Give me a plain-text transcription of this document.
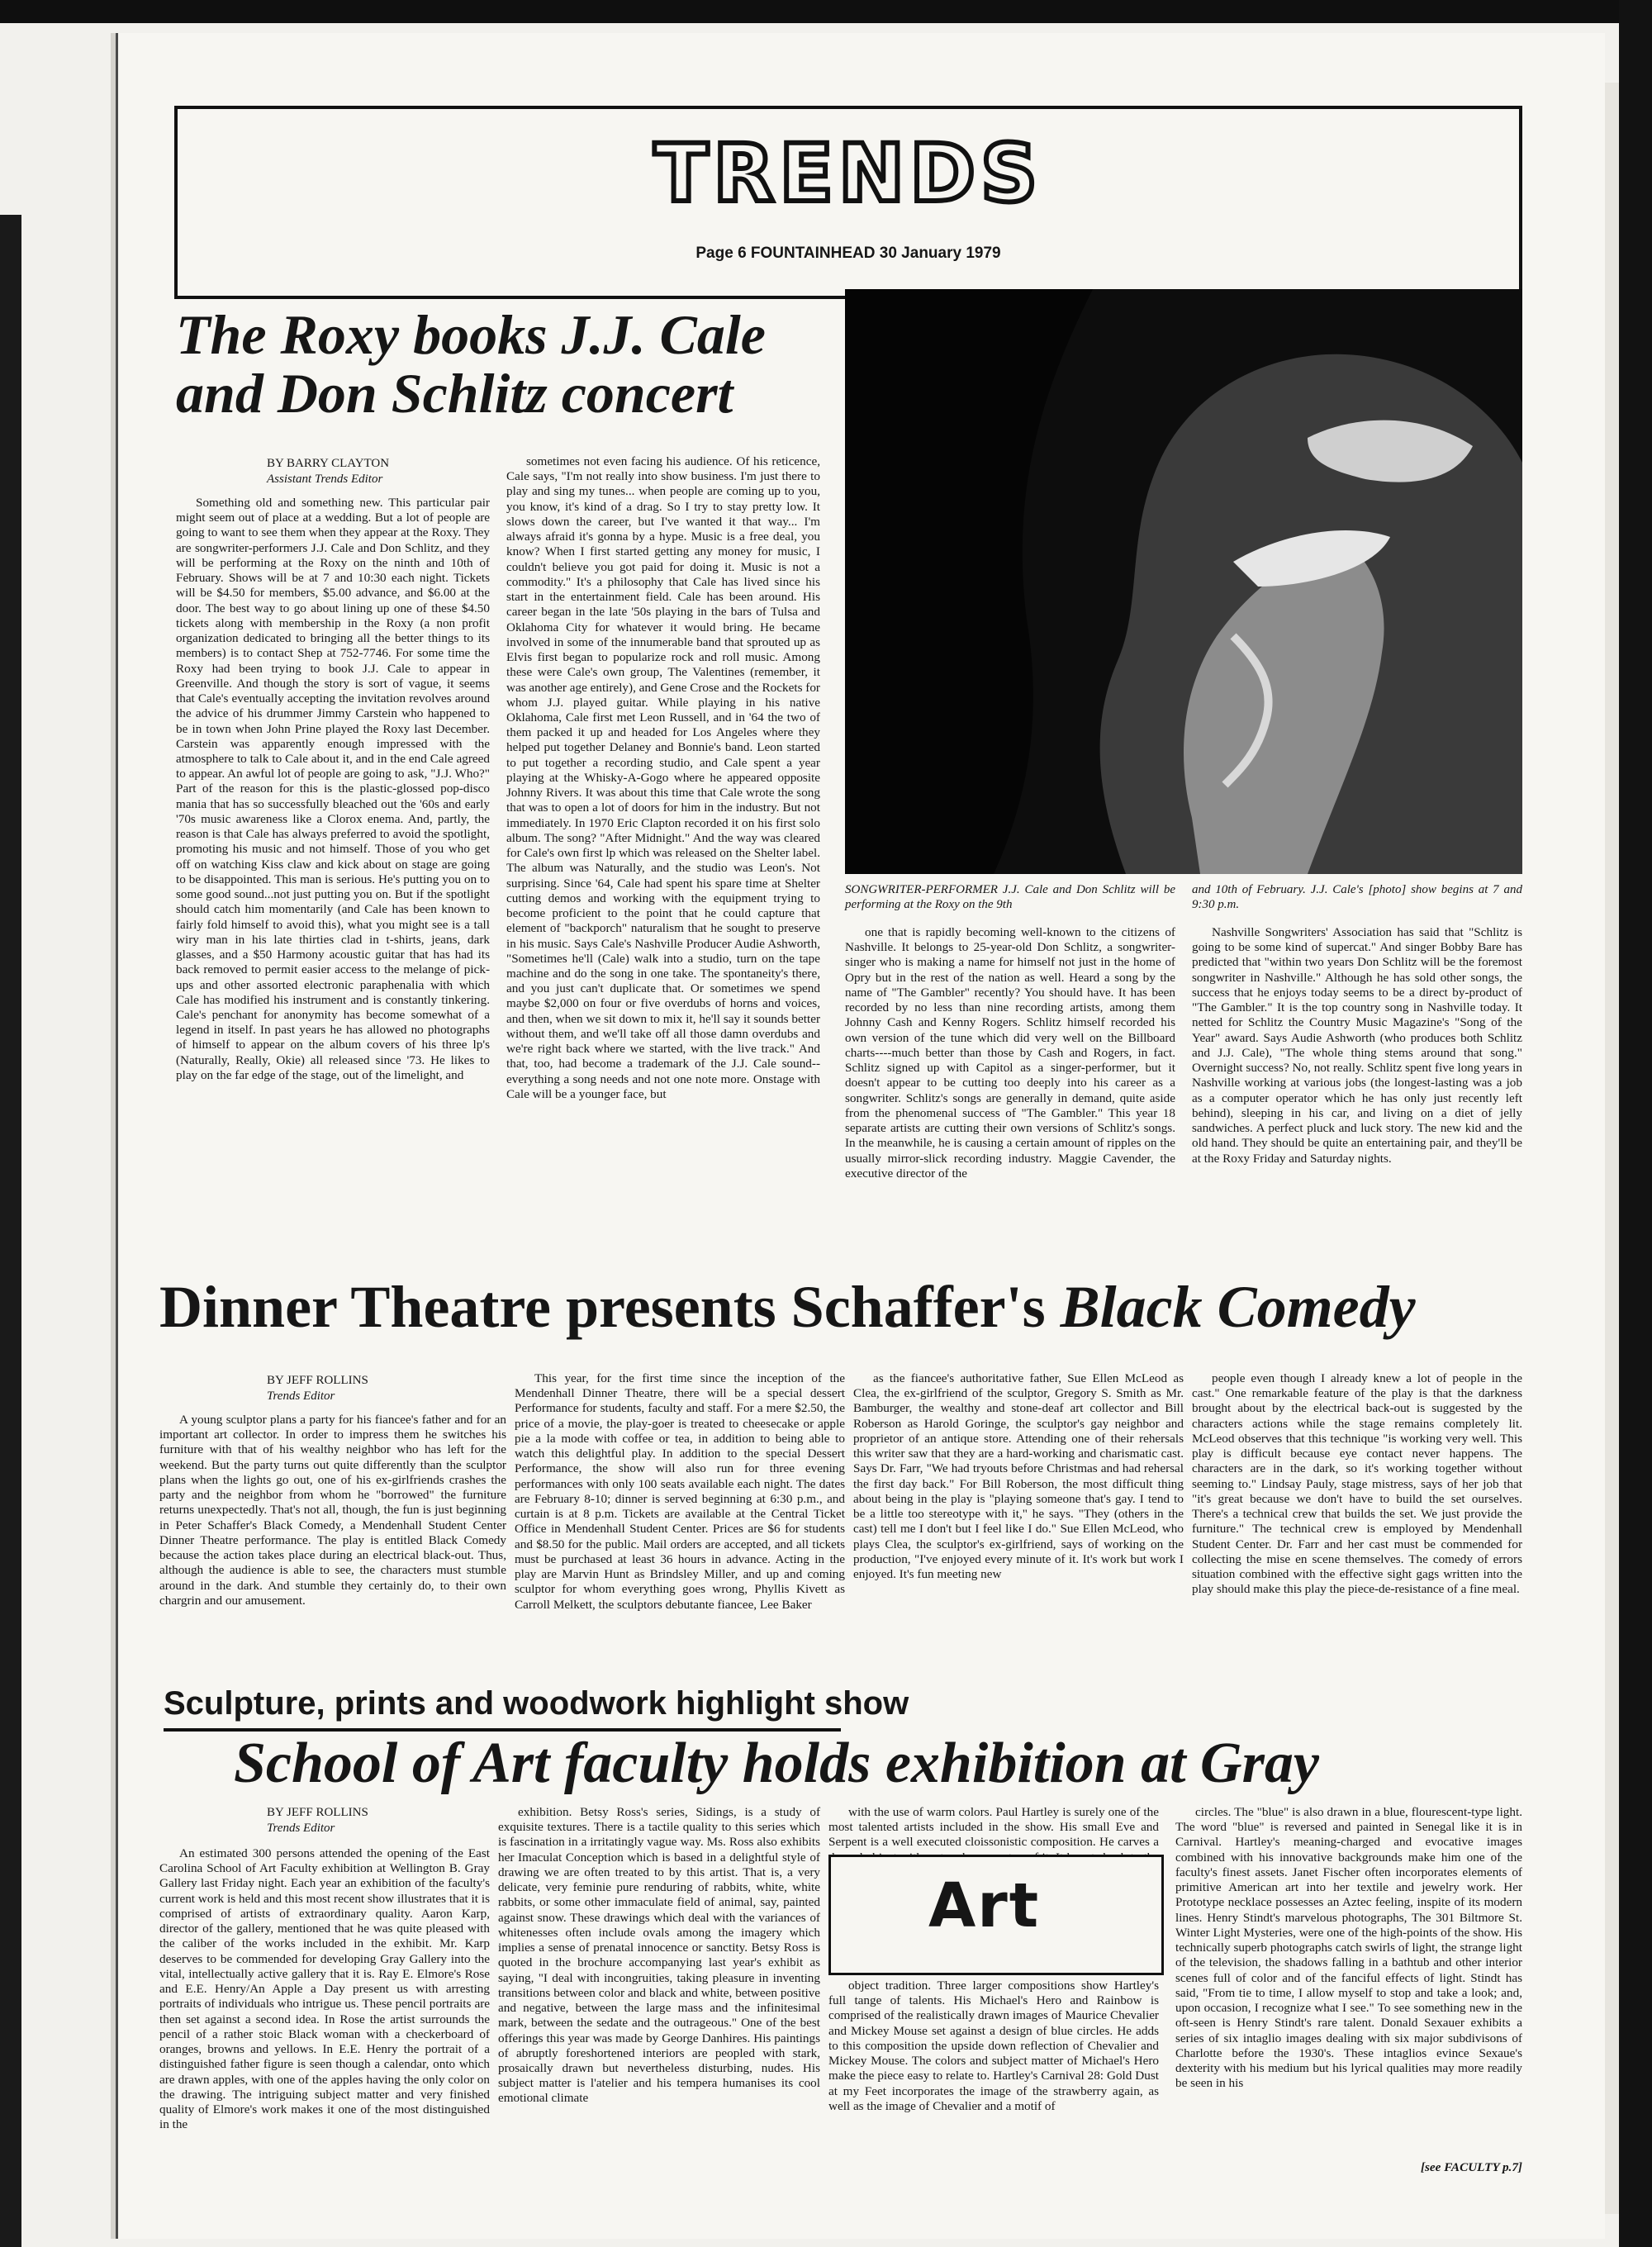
TRENDS
Page 6 FOUNTAINHEAD 30 January 1979
The Roxy books J.J. Cale
and Don Schlitz concert
BY BARRY CLAYTON
Assistant Trends Editor

Something old and something new. This particular pair might seem out of place at a wedding. But a lot of people are going to want to see them when they appear at the Roxy. They are songwriter-performers J.J. Cale and Don Schlitz, and they will be performing at the Roxy on the ninth and 10th of February. Shows will be at 7 and 10:30 each night. Tickets will be $4.50 for members, $5.00 advance, and $6.00 at the door. The best way to go about lining up one of these $4.50 tickets along with membership in the Roxy (a non profit organization dedicated to bringing all the better things to its members) is to contact Shep at 752-7746. For some time the Roxy had been trying to book J.J. Cale to appear in Greenville. And though the story is sort of vague, it seems that Cale's eventually accepting the invitation revolves around the advice of his drummer Jimmy Carstein who happened to be in town when John Prine played the Roxy last December. Carstein was apparently enough impressed with the atmosphere to talk to Cale about it, and in the end Cale agreed to appear. An awful lot of people are going to ask, "J.J. Who?" Part of the reason for this is the plastic-glossed pop-disco mania that has so successfully bleached out the '60s and early '70s music awareness like a Clorox enema. And, partly, the reason is that Cale has always preferred to avoid the spotlight, promoting his music and not himself. Those of you who get off on watching Kiss claw and kick about on stage are going to be disappointed. This man is serious. He's putting you on to some good sound...not just putting you on. But if the spotlight should catch him momentarily (and Cale has been known to fairly fold himself to avoid this), what you might see is a tall wiry man in his late thirties clad in t-shirts, jeans, dark glasses, and a $50 Harmony acoustic guitar that has had its back removed to permit easier access to the melange of pick-ups and other assorted electronic paraphenalia with which Cale has modified his instrument and is constantly tinkering. Cale's penchant for anonymity has become somewhat of a legend in itself. In past years he has allowed no photographs of himself to appear on the album covers of his three lp's (Naturally, Really, Okie) all released since '73. He likes to play on the far edge of the stage, out of the limelight, and

sometimes not even facing his audience. Of his reticence, Cale says, "I'm not really into show business. I'm just there to play and sing my tunes... when people are coming up to you, you know, it's kind of a drag. So I try to stay pretty low. It slows down the career, but I've wanted it that way... I'm always afraid it's gonna by a hype. Music is a free deal, you know? When I first started getting any money for music, I couldn't believe you got paid for doing it. Music is not a commodity." It's a philosophy that Cale has lived since his start in the entertainment field. Cale has been around. His career began in the late '50s playing in the bars of Tulsa and Oklahoma City for whatever it would bring. He became involved in some of the innumerable band that sprouted up as Elvis first began to popularize rock and roll music. Among these were Cale's own group, The Valentines (remember, it was another age entirely), and Gene Crose and the Rockets for whom J.J. played guitar. While playing in his native Oklahoma, Cale first met Leon Russell, and in '64 the two of them packed it up and headed for Los Angeles where they helped put together Delaney and Bonnie's band. Leon started to put together a recording studio, and Cale spent a year playing at the Whisky-A-Gogo where he appeared opposite Johnny Rivers. It was about this time that Cale wrote the song that was to open a lot of doors for him in the industry. But not immediately. In 1970 Eric Clapton recorded it on his first solo album. The song? "After Midnight." And the way was cleared for Cale's own first lp which was released on the Shelter label. The album was Naturally, and the studio was Leon's. Not surprising. Since '64, Cale had spent his spare time at Shelter cutting demos and working with the equipment trying to become proficient to the point that he could capture that element of "backporch" naturalism that he sought to preserve in his music. Says Cale's Nashville Producer Audie Ashworth, "Sometimes he'll (Cale) walk into a studio, turn on the tape machine and do the song in one take. The spontaneity's there, and you just can't duplicate that. Or sometimes we spend maybe $2,000 on four or five overdubs of horns and voices, and then, when we sit down to mix it, he'll say it sounds better without them, and we'll take off all those damn overdubs and we're right back where we started, with the live track." And that, too, had become a trademark of the J.J. Cale sound--everything a song needs and not one note more. Onstage with Cale will be a younger face, but

SONGWRITER-PERFORMER J.J. Cale and Don Schlitz will be performing at the Roxy on the 9th
and 10th of February. J.J. Cale's [photo] show begins at 7 and 9:30 p.m.

one that is rapidly becoming well-known to the citizens of Nashville. It belongs to 25-year-old Don Schlitz, a songwriter-singer who is making a name for himself not just in the home of Opry but in the rest of the nation as well. Heard a song by the name of "The Gambler" recently? You should have. It has been recorded by no less than nine recording artists, among them Johnny Cash and Kenny Rogers. Schlitz himself recorded his own version of the tune which did very well on the Billboard charts----much better than those by Cash and Rogers, in fact. Schlitz signed up with Capitol as a singer-performer, but it doesn't appear to be cutting too deeply into his career as a songwriter. Schlitz's songs are generally in demand, quite aside from the phenomenal success of "The Gambler." This year 18 separate artists are cutting their own versions of Schlitz's songs. In the meanwhile, he is causing a certain amount of ripples on the usually mirror-slick recording industry. Maggie Cavender, the executive director of the

Nashville Songwriters' Association has said that "Schlitz is going to be some kind of supercat." And singer Bobby Bare has predicted that "within two years Don Schlitz will be the foremost songwriter in Nashville." Although he has sold other songs, the success that he enjoys today seems to be a direct by-product of "The Gambler." It is the top country song in Nashville today. It netted for Schlitz the Country Music Magazine's "Song of the Year" award. Says Audie Ashworth (who produces both Schlitz and J.J. Cale), "The whole thing stems around that song." Overnight success? No, not really. Schlitz spent five long years in Nashville working at various jobs (the longest-lasting was a job as a computer operator which he has only just recently left behind), sleeping in his car, and living on a diet of jelly sandwiches. A perfect pluck and luck story. The new kid and the old hand. They should be quite an entertaining pair, and they'll be at the Roxy Friday and Saturday nights.

Dinner Theatre presents Schaffer's Black Comedy
BY JEFF ROLLINS
Trends Editor

A young sculptor plans a party for his fiancee's father and for an important art collector. In order to impress them he switches his furniture with that of his wealthy neighbor who has left for the weekend. But the party turns out quite differently than the sculptor plans when the lights go out, one of his ex-girlfriends crashes the party and the neighbor from whom he "borrowed" the furniture returns unexpectedly. That's not all, though, the fun is just beginning in Peter Schaffer's Black Comedy, a Mendenhall Student Center Dinner Theatre performance. The play is entitled Black Comedy because the action takes place during an electrical black-out. Thus, although the audience is able to see, the characters must stumble around in the dark. And stumble they certainly do, to their own chargrin and our amusement.

This year, for the first time since the inception of the Mendenhall Dinner Theatre, there will be a special dessert Performance for students, faculty and staff. For a mere $2.50, the price of a movie, the play-goer is treated to cheesecake or apple pie a la mode with coffee or tea, in addition to being able to watch this delightful play. In addition to the special Dessert Performance, the show will also run for three evening performances with only 100 seats available each night. The dates are February 8-10; dinner is served beginning at 6:30 p.m., and curtain is at 8 p.m. Tickets are available at the Central Ticket Office in Mendenhall Student Center. Prices are $6 for students and $8.50 for the public. Mail orders are accepted, and all tickets must be purchased at least 36 hours in advance. Acting in the play are Marvin Hunt as Brindsley Miller, and up and coming sculptor for whom everything goes wrong, Phyllis Kivett as Carroll Melkett, the sculptors debutante fiancee, Lee Baker

as the fiancee's authoritative father, Sue Ellen McLeod as Clea, the ex-girlfriend of the sculptor, Gregory S. Smith as Mr. Bamburger, the wealthy and stone-deaf art collector and Bill Roberson as Harold Goringe, the sculptor's gay neighbor and proprietor of an antique store. Attending one of their rehersals this writer saw that they are a hard-working and charismatic cast. Says Dr. Farr, "We had tryouts before Christmas and had rehersal the first day back." For Bill Roberson, the most difficult thing about being in the play is "playing someone that's gay. I tend to be a little too stereotype with it," he says. "They (others in the cast) tell me I don't but I feel like I do." Sue Ellen McLeod, who plays Clea, the sculptor's ex-girlfriend, says of working on the production, "I've enjoyed every minute of it. It's work but work I enjoyed. It's fun meeting new

people even though I already knew a lot of people in the cast." One remarkable feature of the play is that the darkness brought about by the electrical back-out is suggested by the characters actions while the stage remains completely lit. McLeod observes that this technique "is working very well. This play is difficult because eye contact never happens. The characters are in the dark, so it's working together without seeming to." Lindsay Pauly, stage mistress, says of her job that "it's great because we don't have to build the set ourselves. There's a technical crew that builds the set. We just provide the furniture." The technical crew is employed by Mendenhall Student Center. Dr. Farr and her cast must be commended for collecting the mise en scene themselves. The comedy of errors situation combined with the effective sight gags written into the play should make this play the piece-de-resistance of a fine meal.

Sculpture, prints and woodwork highlight show
School of Art faculty holds exhibition at Gray
BY JEFF ROLLINS
Trends Editor

An estimated 300 persons attended the opening of the East Carolina School of Art Faculty exhibition at Wellington B. Gray Gallery last Friday night. Each year an exhibition of the faculty's current work is held and this most recent show illustrates that it is comprised of artists of extraordinary quality. Aaron Karp, director of the gallery, mentioned that he was quite pleased with the caliber of the works included in the exhibit. Mr. Karp deserves to be commended for developing Gray Gallery into the vital, intellectually active gallery that it is. Ray E. Elmore's Rose and E.E. Henry/An Apple a Day present us with arresting portraits of individuals who intrigue us. These pencil portraits are then set against a second idea. In Rose the artist surrounds the pencil of a rather stoic Black woman with a checkerboard of oranges, browns and yellows. In E.E. Henry the portrait of a distinguished father figure is seen though a calendar, onto which are drawn apples, with one of the apples having the only color on the drawing. The intriguing subject matter and very finished quality of Elmore's work makes it one of the most distinguished in the

exhibition. Betsy Ross's series, Sidings, is a study of exquisite textures. There is a tactile quality to this series which is fascination in a irritatingly vague way. Ms. Ross also exhibits her Imaculat Conception which is based in a delightful style of drawing we are often treated to by this artist. That is, a very delicate, very feminie pure renduring of rabbits, white, white rabbits, or some other immaculate field of animal, say, painted against snow. These drawings which deal with the variances of whitenesses often include ovals among the imagery which implies a sense of prenatal innocence or sanctity. Betsy Ross is quoted in the brochure accompanying last year's exhibit as saying, "I deal with incongruities, taking pleasure in inventing transitions between color and black and white, between positive and negative, between the large mass and the infinitesimal mark, between the sedate and the outrageous." One of the best offerings this year was made by George Danhires. His paintings of abruptly foreshortened interiors are peopled with stark, prosaically drawn but nevertheless disturbing, nudes. His subject matter is l'atelier and his tempera humanises its cool emotional climate

with the use of warm colors. Paul Hartley is surely one of the most talented artists included in the show. His small Eve and Serpent is a well executed cloissonistic composition. He carves a

Art

object tradition. Three larger compositions show Hartley's full tange of talents. His Michael's Hero and Rainbow is comprised of the realistically drawn images of Maurice Chevalier and Mickey Mouse set against a design of blue circles. He adds to this composition the upside down reflection of Chevalier and Mickey Mouse. The colors and subject matter of Michael's Hero make the piece easy to relate to. Hartley's Carnival 28: Gold Dust at my Feet incorporates the image of the strawberry again, as well as the image of Chevalier and a motif of

circles. The "blue" is also drawn in a blue, flourescent-type light. The word "blue" is reversed and painted in Senegal like it is in Carnival. Hartley's meaning-charged and evocative images combined with his innovative backgrounds make him one of the faculty's finest assets. Janet Fischer often incorporates elements of primitive American art into her textile and jewelry work. Her Prototype necklace possesses an Aztec feeling, inspite of its modern lines. Henry Stindt's marvelous photographs, The 301 Biltmore St. Winter Light Mysteries, were one of the high-points of the show. His technically superb photographs catch swirls of light, the strange light of the television, the shadows falling in a bathtub and other interior scenes full of color and of the fanciful effects of light. Stindt has said, "From tie to time, I allow myself to stop and take a look; and, upon occasion, I recognize what I see." To see something new in the oft-seen is Henry Stindt's rare talent. Donald Sexauer exhibits a series of six intaglio images dealing with six major subdivisons of Charlotte before the 1930's. These intaglios evince Sexaue's dexterity with his medium but his lyrical qualities may more readily be seen in his

[see FACULTY p.7]
